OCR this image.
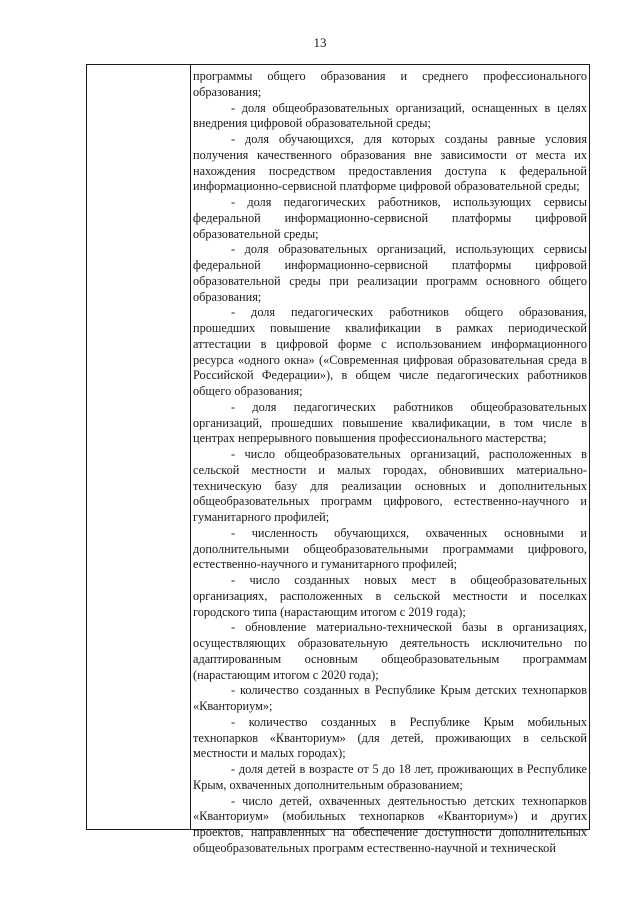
13

программы общего образования и среднего профессионального образования;

- доля общеобразовательных организаций, оснащенных в целях внедрения цифровой образовательной среды;

- доля обучающихся, для которых созданы равные условия получения качественного образования вне зависимости от места их нахождения посредством предоставления доступа к федеральной информационно-сервисной платформе цифровой образовательной среды;

- доля педагогических работников, использующих сервисы федеральной информационно-сервисной платформы цифровой образовательной среды;

- доля образовательных организаций, использующих сервисы федеральной информационно-сервисной платформы цифровой образовательной среды при реализации программ основного общего образования;

- доля педагогических работников общего образования, прошедших повышение квалификации в рамках периодической аттестации в цифровой форме с использованием информационного ресурса «одного окна» («Современная цифровая образовательная среда в Российской Федерации»), в общем числе педагогических работников общего образования;

- доля педагогических работников общеобразовательных организаций, прошедших повышение квалификации, в том числе в центрах непрерывного повышения профессионального мастерства;

- число общеобразовательных организаций, расположенных в сельской местности и малых городах, обновивших материально-техническую базу для реализации основных и дополнительных общеобразовательных программ цифрового, естественно-научного и гуманитарного профилей;

- численность обучающихся, охваченных основными и дополнительными общеобразовательными программами цифрового, естественно-научного и гуманитарного профилей;

- число созданных новых мест в общеобразовательных организациях, расположенных в сельской местности и поселках городского типа (нарастающим итогом с 2019 года);

- обновление материально-технической базы в организациях, осуществляющих образовательную деятельность исключительно по адаптированным основным общеобразовательным программам (нарастающим итогом с 2020 года);

- количество созданных в Республике Крым детских технопарков «Кванториум»;

- количество созданных в Республике Крым мобильных технопарков «Кванториум» (для детей, проживающих в сельской местности и малых городах);

- доля детей в возрасте от 5 до 18 лет, проживающих в Республике Крым, охваченных дополнительным образованием;

- число детей, охваченных деятельностью детских технопарков «Кванториум» (мобильных технопарков «Кванториум») и других проектов, направленных на обеспечение доступности дополнительных общеобразовательных программ естественно-научной и технической
